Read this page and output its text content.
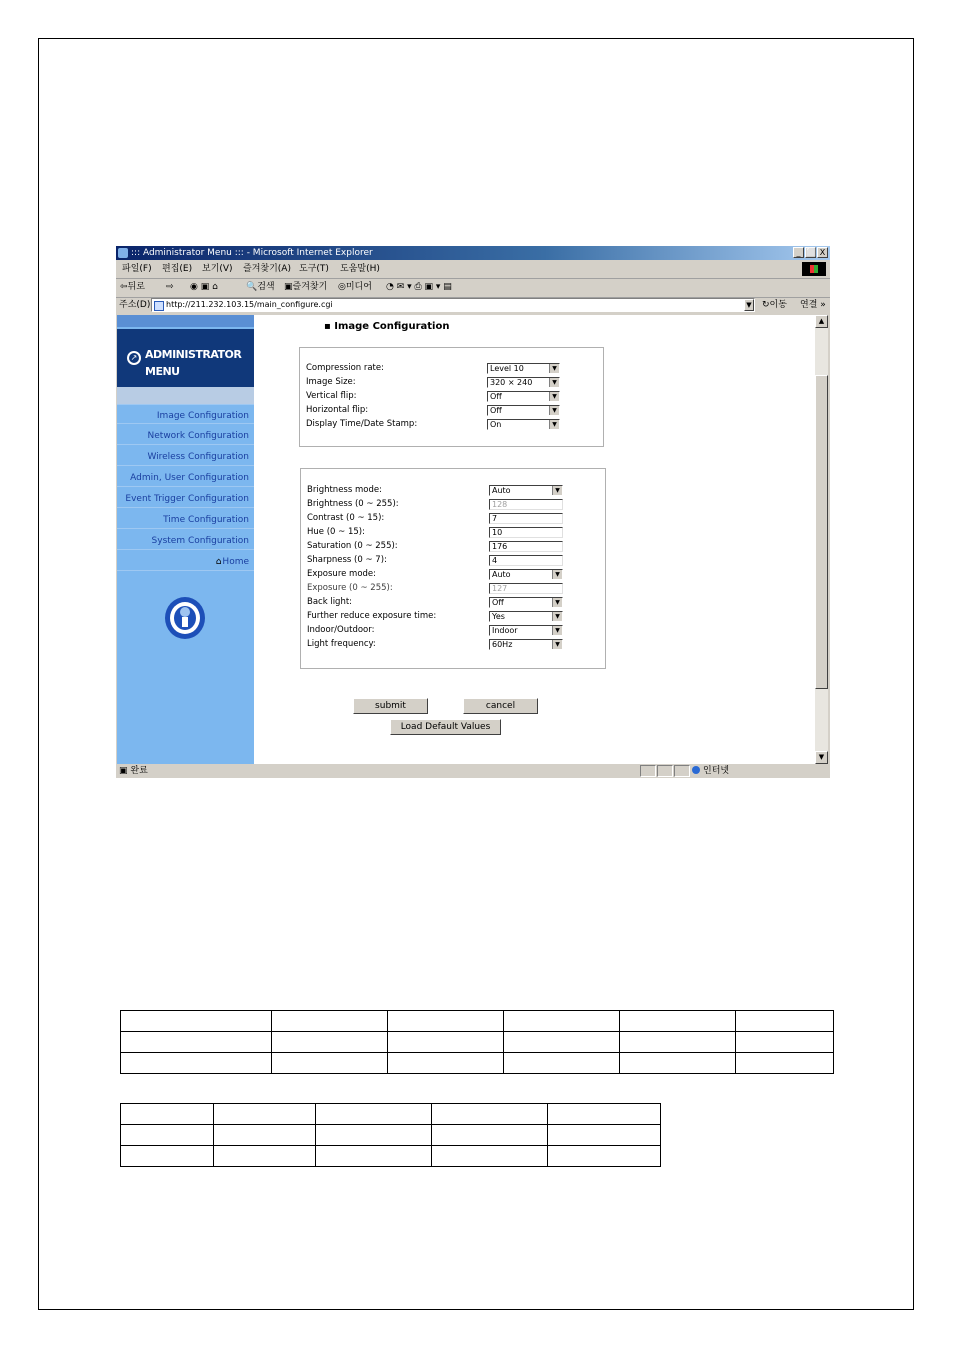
::: Administrator Menu ::: - Microsoft Internet Explorer	_ ⬜ X
파일(F) 편집(E) 보기(V) 즐겨찾기(A) 도구(T) 도움말(H)
⇦뒤로 ⇨ ◉ ▣ ⌂	🔍검색 ▣즐겨찾기 ◎미디어 ◔ ✉ ▾ ⎙ ▣ ▾ ▤
주소(D)	http://211.232.103.15/main_configure.cgi	▼ ↻이동 연결 »
↗ ADMINISTRATOR
MENU
Image Configuration
Network Configuration
Wireless Configuration
Admin, User Configuration
Event Trigger Configuration
Time Configuration
System Configuration
⌂Home
▪ Image Configuration
Compression rate:	Level 10	▼
Image Size:	320 × 240	▼
Vertical flip:	Off	▼
Horizontal flip:	Off	▼
Display Time/Date Stamp:	On	▼
Brightness mode:	Auto	▼
Brightness (0 ~ 255):	128
Contrast (0 ~ 15):	7
Hue (0 ~ 15):	10
Saturation (0 ~ 255):	176
Sharpness (0 ~ 7):	4
Exposure mode:	Auto	▼
Exposure (0 ~ 255):	127
Back light:	Off	▼
Further reduce exposure time:	Yes	▼
Indoor/Outdoor:	Indoor	▼
Light frequency:	60Hz	▼
submit	cancel
Load Default Values
▲
▼
▣ 완료	인터넷
